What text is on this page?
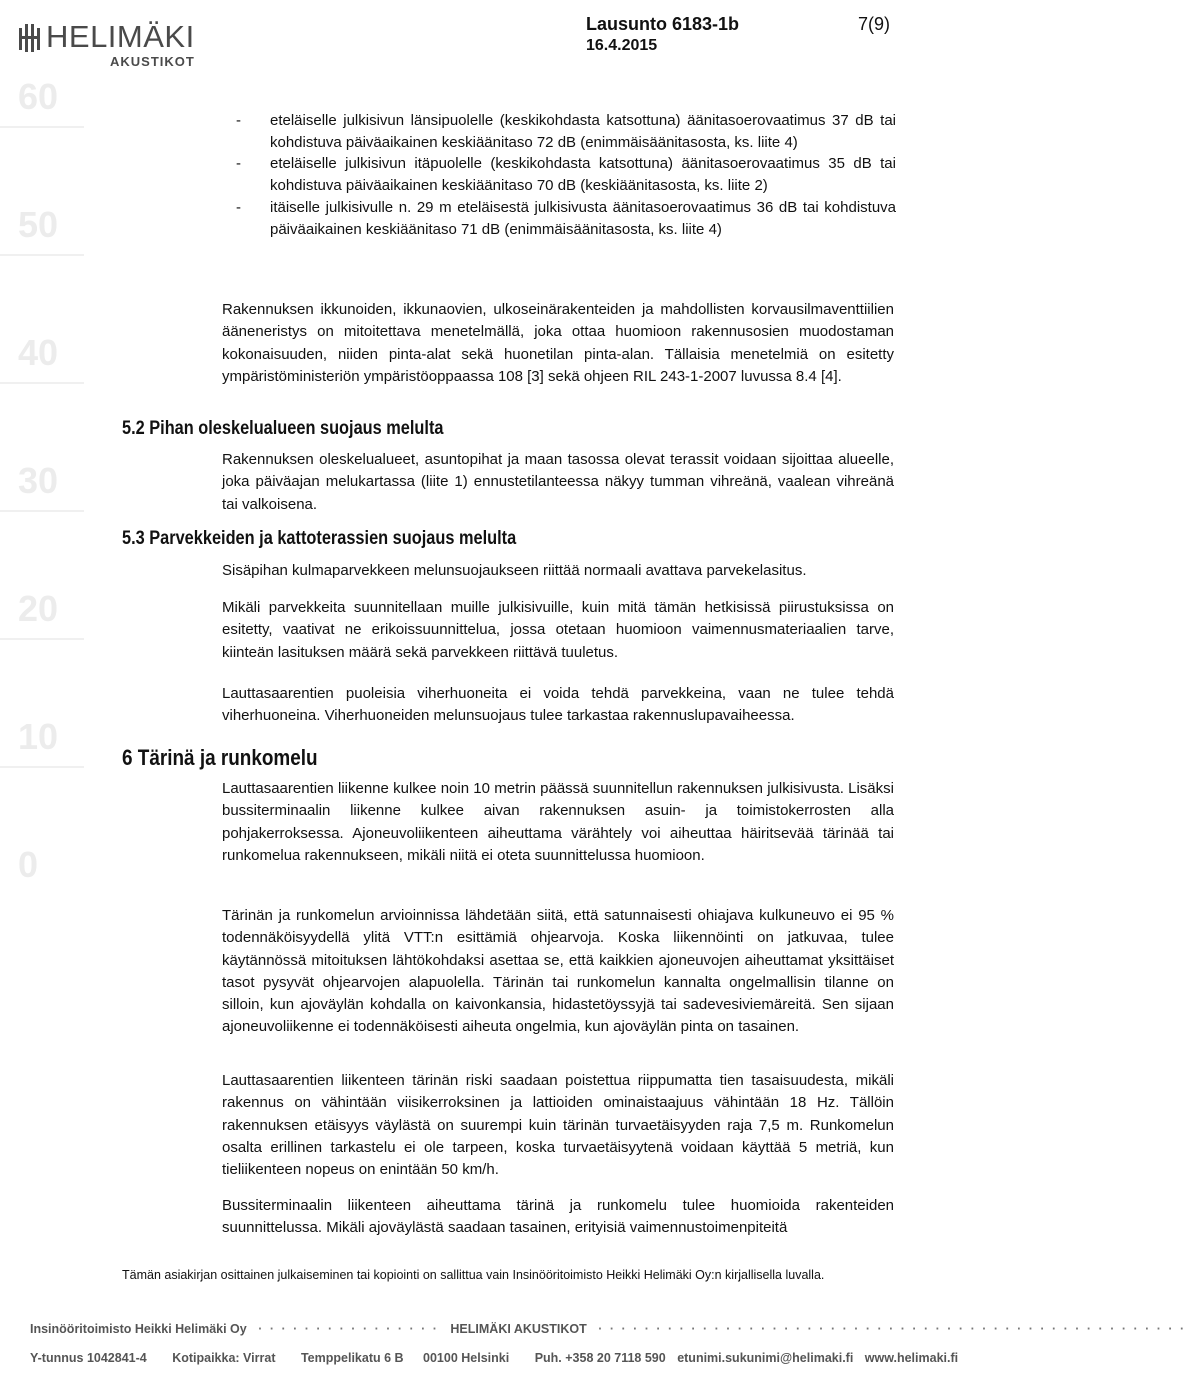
60
50
40
30
20
10
0
HELIMÄKI
AKUSTIKOT
Lausunto 6183-1b
16.4.2015
7(9)
- eteläiselle julkisivun länsipuolelle (keskikohdasta katsottuna) äänitasoerovaatimus 37 dB tai kohdistuva päiväaikainen keskiäänitaso 72 dB (enimmäisäänitasosta, ks. liite 4)
- eteläiselle julkisivun itäpuolelle (keskikohdasta katsottuna) äänitasoerovaatimus 35 dB tai kohdistuva päiväaikainen keskiäänitaso 70 dB (keskiäänitasosta, ks. liite 2)
- itäiselle julkisivulle n. 29 m eteläisestä julkisivusta äänitasoerovaatimus 36 dB tai kohdistuva päiväaikainen keskiäänitaso 71 dB (enimmäisäänitasosta, ks. liite 4)
Rakennuksen ikkunoiden, ikkunaovien, ulkoseinärakenteiden ja mahdollisten korvausilmaventtiilien ääneneristys on mitoitettava menetelmällä, joka ottaa huomioon rakennusosien muodostaman kokonaisuuden, niiden pinta-alat sekä huonetilan pinta-alan. Tällaisia menetelmiä on esitetty ympäristöministeriön ympäristöoppaassa 108 [3] sekä ohjeen RIL 243-1-2007 luvussa 8.4 [4].
5.2 Pihan oleskelualueen suojaus melulta
Rakennuksen oleskelualueet, asuntopihat ja maan tasossa olevat terassit voidaan sijoittaa alueelle, joka päiväajan melukartassa (liite 1) ennustetilanteessa näkyy tumman vihreänä, vaalean vihreänä tai valkoisena.
5.3 Parvekkeiden ja kattoterassien suojaus melulta
Sisäpihan kulmaparvekkeen melunsuojaukseen riittää normaali avattava parvekelasitus.
Mikäli parvekkeita suunnitellaan muille julkisivuille, kuin mitä tämän hetkisissä piirustuksissa on esitetty, vaativat ne erikoissuunnittelua, jossa otetaan huomioon vaimennusmateriaalien tarve, kiinteän lasituksen määrä sekä parvekkeen riittävä tuuletus.
Lauttasaarentien puoleisia viherhuoneita ei voida tehdä parvekkeina, vaan ne tulee tehdä viherhuoneina. Viherhuoneiden melunsuojaus tulee tarkastaa rakennuslupavaiheessa.
6 Tärinä ja runkomelu
Lauttasaarentien liikenne kulkee noin 10 metrin päässä suunnitellun rakennuksen julkisivusta. Lisäksi bussiterminaalin liikenne kulkee aivan rakennuksen asuin- ja toimistokerrosten alla pohjakerroksessa. Ajoneuvoliikenteen aiheuttama värähtely voi aiheuttaa häiritsevää tärinää tai runkomelua rakennukseen, mikäli niitä ei oteta suunnittelussa huomioon.
Tärinän ja runkomelun arvioinnissa lähdetään siitä, että satunnaisesti ohiajava kulkuneuvo ei 95 % todennäköisyydellä ylitä VTT:n esittämiä ohjearvoja. Koska liikennöinti on jatkuvaa, tulee käytännössä mitoituksen lähtökohdaksi asettaa se, että kaikkien ajoneuvojen aiheuttamat yksittäiset tasot pysyvät ohjearvojen alapuolella. Tärinän tai runkomelun kannalta ongelmallisin tilanne on silloin, kun ajoväylän kohdalla on kaivonkansia, hidastetöyssyjä tai sadevesiviemäreitä. Sen sijaan ajoneuvoliikenne ei todennäköisesti aiheuta ongelmia, kun ajoväylän pinta on tasainen.
Lauttasaarentien liikenteen tärinän riski saadaan poistettua riippumatta tien tasaisuudesta, mikäli rakennus on vähintään viisikerroksinen ja lattioiden ominaistaajuus vähintään 18 Hz. Tällöin rakennuksen etäisyys väylästä on suurempi kuin tärinän turvaetäisyyden raja 7,5 m. Runkomelun osalta erillinen tarkastelu ei ole tarpeen, koska turvaetäisyytenä voidaan käyttää 5 metriä, kun tieliikenteen nopeus on enintään 50 km/h.
Bussiterminaalin liikenteen aiheuttama tärinä ja runkomelu tulee huomioida rakenteiden suunnittelussa. Mikäli ajoväylästä saadaan tasainen, erityisiä vaimennustoimenpiteitä
Tämän asiakirjan osittainen julkaiseminen tai kopiointi on sallittua vain Insinööritoimisto Heikki Helimäki Oy:n kirjallisella luvalla.
Insinööritoimisto Heikki Helimäki Oy · · · · · · · · · · · · · · · · HELIMÄKI AKUSTIKOT · · · · · · · · · · · · · · · · · · · · · · · · · · · · · · · · · · · · · · · · · · · · · · · · · · ·
Y-tunnus 1042841-4 Kotipaikka: Virrat Temppelikatu 6 B 00100 Helsinki Puh. +358 20 7118 590 etunimi.sukunimi@helimaki.fi www.helimaki.fi
